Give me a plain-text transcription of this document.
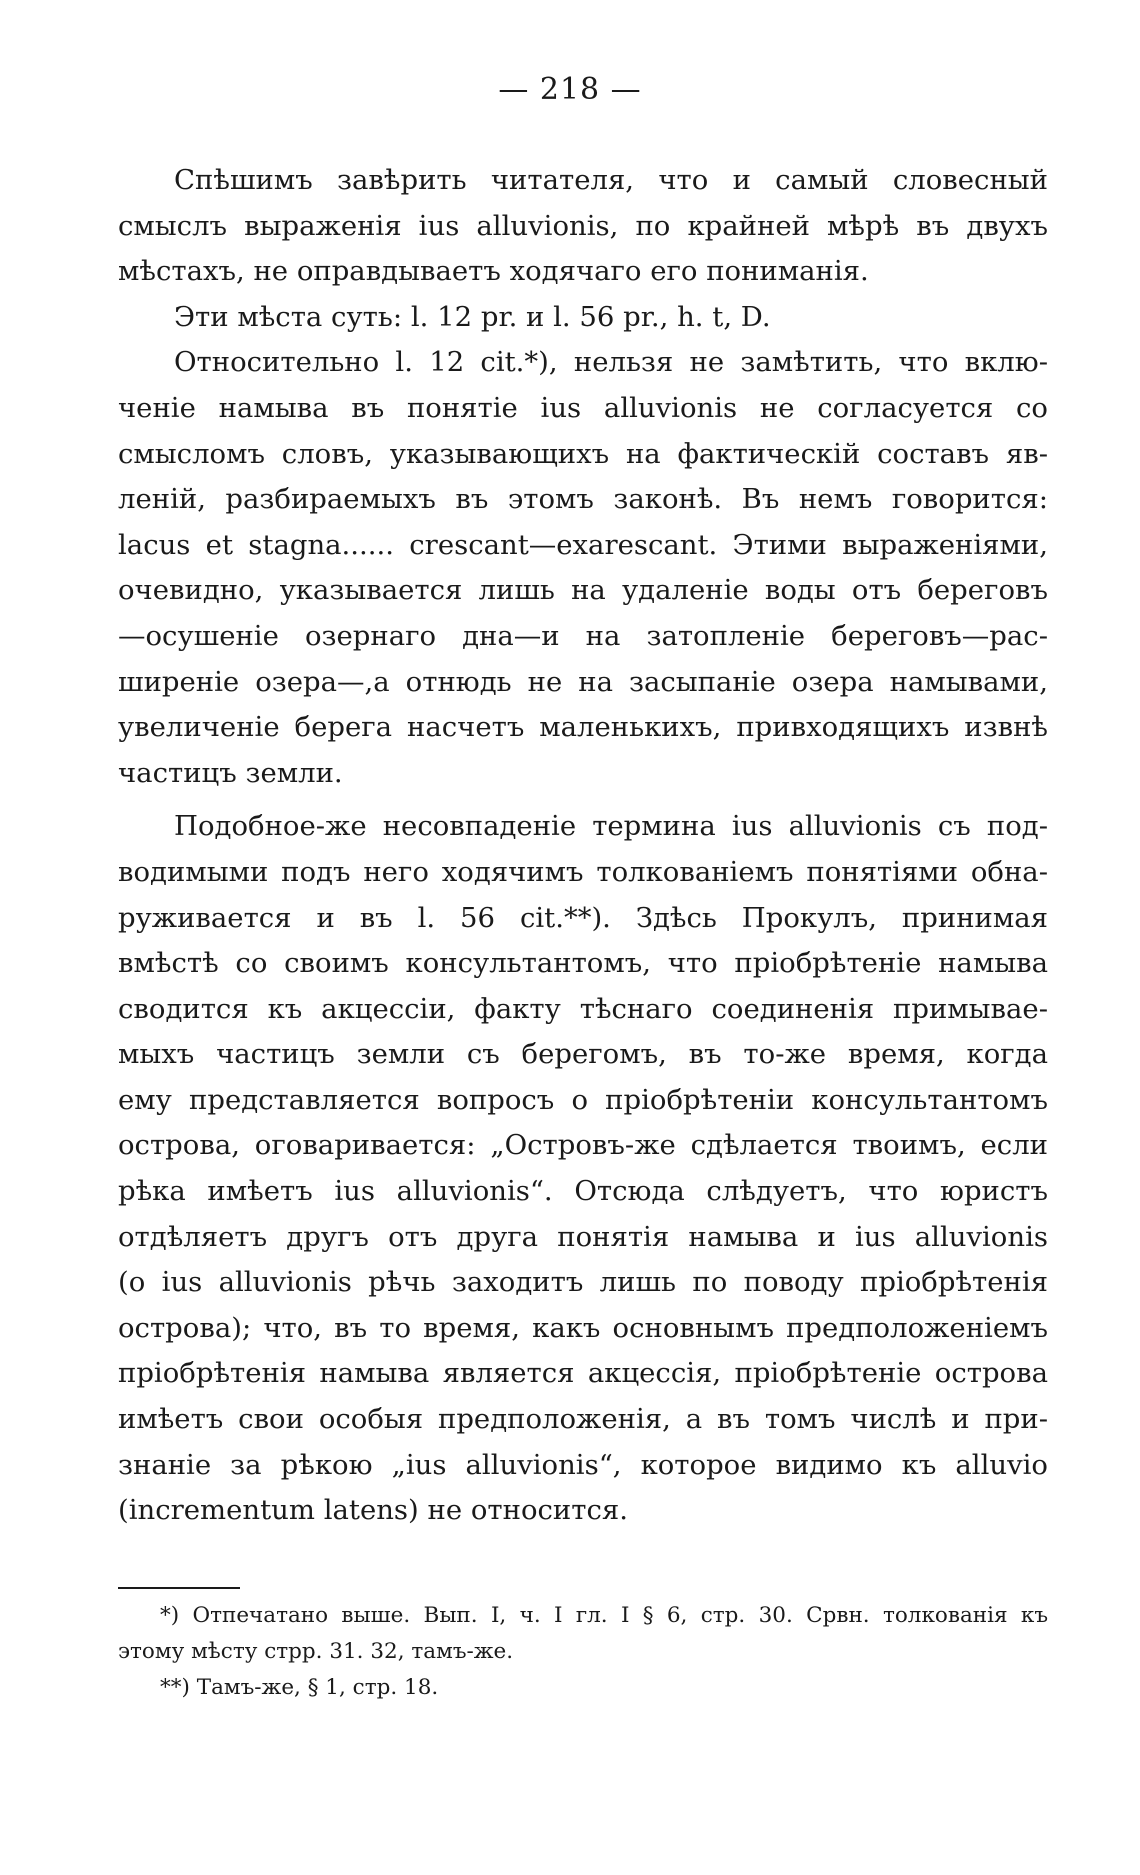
— 218 —
Спѣшимъ завѣрить читателя, что и самый словесный
смыслъ выраженія ius alluvionis, по крайней мѣрѣ въ двухъ
мѣстахъ, не оправдываетъ ходячаго его пониманія.
Эти мѣста суть: l. 12 pr. и l. 56 pr., h. t, D.
Относительно l. 12 cit.*), нельзя не замѣтить, что вклю-
ченіе намыва въ понятіе ius alluvionis не согласуется со
смысломъ словъ, указывающихъ на фактическій составъ яв-
леній, разбираемыхъ въ этомъ законѣ. Въ немъ говорится:
lacus et stagna...... crescant—exarescant. Этими выраженіями,
очевидно, указывается лишь на удаленіе воды отъ береговъ
—осушеніе озернаго дна—и на затопленіе береговъ—рас-
ширеніе озера—,а отнюдь не на засыпаніе озера намывами,
увеличеніе берега насчетъ маленькихъ, привходящихъ извнѣ
частицъ земли.
Подобное-же несовпаденіе термина ius alluvionis съ под-
водимыми подъ него ходячимъ толкованіемъ понятіями обна-
руживается и въ l. 56 cit.**). Здѣсь Прокулъ, принимая
вмѣстѣ со своимъ консультантомъ, что пріобрѣтеніе намыва
сводится къ акцессіи, факту тѣснаго соединенія примывае-
мыхъ частицъ земли съ берегомъ, въ то-же время, когда
ему представляется вопросъ о пріобрѣтеніи консультантомъ
острова, оговаривается: „Островъ-же сдѣлается твоимъ, если
рѣка имѣетъ ius alluvionis“. Отсюда слѣдуетъ, что юристъ
отдѣляетъ другъ отъ друга понятія намыва и ius alluvionis
(о ius alluvionis рѣчь заходитъ лишь по поводу пріобрѣтенія
острова); что, въ то время, какъ основнымъ предположеніемъ
пріобрѣтенія намыва является акцессія, пріобрѣтеніе острова
имѣетъ свои особыя предположенія, а въ томъ числѣ и при-
знаніе за рѣкою „ius alluvionis“, которое видимо къ alluvio
(incrementum latens) не относится.
*) Отпечатано выше. Вып. I, ч. I гл. I § 6, стр. 30. Срвн. толкованія къ
этому мѣсту стрр. 31. 32, тамъ-же.
**) Тамъ-же, § 1, стр. 18.
